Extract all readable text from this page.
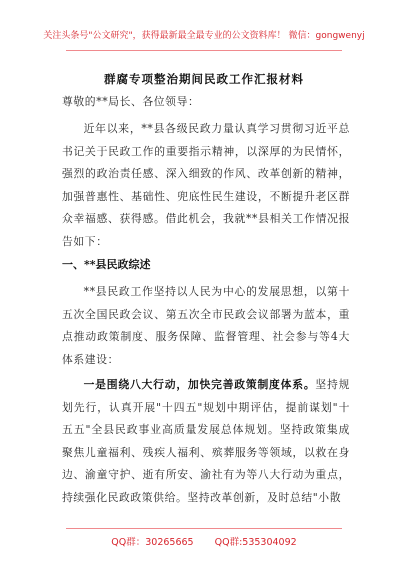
关注头条号"公文研究"，获得最新最全最专业的公文资料库！ 微信：gongwenyj
群腐专项整治期间民政工作汇报材料
尊敬的**局长、各位领导：
近年以来，**县各级民政力量认真学习贯彻习近平总书记关于民政工作的重要指示精神，以深厚的为民情怀，强烈的政治责任感、深入细致的作风、改革创新的精神，加强普惠性、基础性、兜底性民生建设，不断提升老区群众幸福感、获得感。借此机会，我就**县相关工作情况报告如下：
一、**县民政综述
**县民政工作坚持以人民为中心的发展思想，以第十五次全国民政会议、第五次全市民政会议部署为蓝本，重点推动政策制度、服务保障、监督管理、社会参与等4大体系建设：
一是围绕八大行动，加快完善政策制度体系。坚持规划先行，认真开展"十四五"规划中期评估，提前谋划"十五五"全县民政事业高质量发展总体规划。坚持政策集成聚焦儿童福利、残疾人福利、殡葬服务等领域，以救在身边、渝童守护、逝有所安、渝社有为等八大行动为重点，持续强化民政政策供给。坚持改革创新，及时总结"小散
QQ群：30265665 QQ群:535304092
